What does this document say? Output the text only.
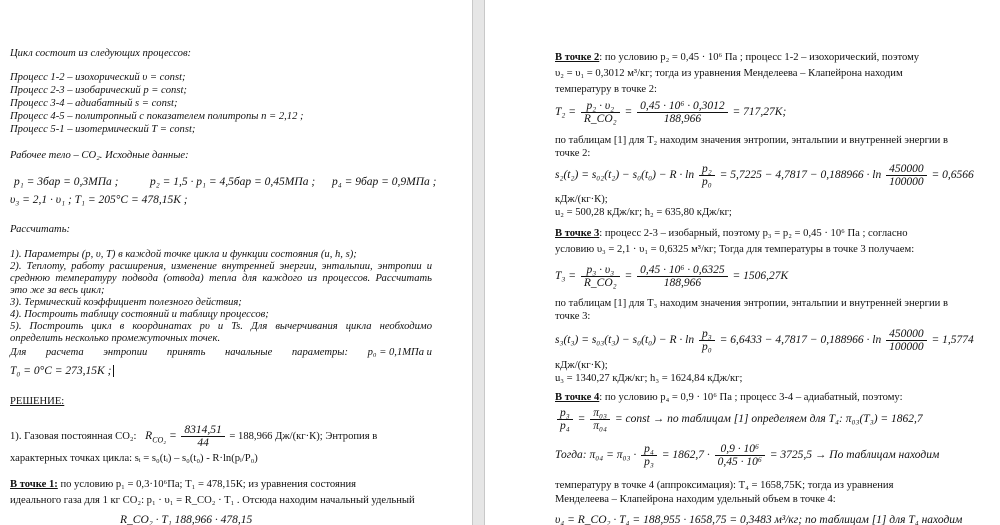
Цикл состоит из следующих процессов:
Процесс 1-2 – изохорический υ = const;
Процесс 2-3 – изобарический p = const;
Процесс 3-4 – адиабатный s = const;
Процесс 4-5 – политропный с показателем политропы n = 2,12 ;
Процесс 5-1 – изотермический T = const;
Рабочее тело – CO₂. Исходные данные:
p₁ = 3бар = 0,3МПа ;	p₂ = 1,5 · p₁ = 4,5бар = 0,45МПа ; p₄ = 9бар = 0,9МПа ;
υ₃ = 2,1 · υ₁ ; T₁ = 205°C = 478,15K ;
Рассчитать:
1). Параметры (p, υ, T) в каждой точке цикла и функции состояния (u, h, s);
2). Теплоту, работу расширения, изменение внутренней энергии, энтальпии, энтропии и
среднюю температуру подвода (отвода) тепла для каждого из процессов. Рассчитать
это же за весь цикл;
3). Термический коэффициент полезного действия;
4). Построить таблицу состояний и таблицу процессов;
5). Построить цикл в координатах pυ и Ts. Для вычерчивания цикла необходимо
определить несколько промежуточных точек.
Для расчета энтропии принять начальные параметры: p₀ = 0,1МПа и
T₀ = 0°C = 273,15K ;
РЕШЕНИЕ:
1). Газовая постоянная CO₂: $R_{CO_2} = \frac{8314,51}{44} = 188,966$ Дж/(кг·К); Энтропия в
характерных точках цикла: sᵢ = s₀(tᵢ) – s₀(t₀) - R·ln(pᵢ/P₀)
В точке 1: по условию p₁ = 0,3·10⁶Па; T₁ = 478,15К; из уравнения состояния
идеального газа для 1 кг CO₂: p₁ · υ₁ = R_CO₂ · T₁ . Отсюда находим начальный удельный
R_CO₂ · T₁ 188,966 · 478,15
В точке 2: по условию p₂ = 0,45 · 10⁶ Па ; процесс 1-2 – изохорический, поэтому
υ₂ = υ₁ = 0,3012 м³/кг; тогда из уравнения Менделеева – Клапейрона находим
температуру в точке 2:
$T_2 = \frac{\text{p₂ · υ₂}}{\text{R\_CO₂}} = \frac{\text{0,45 · 10⁶ · 0,3012}}{188,966} = 717,27K$;
по таблицам [1] для T₂ находим значения энтропии, энтальпии и внутренней энергии в
точке 2:
$s_2(t_2) = s_{02}(t_2) - s_0(t_0) - R \cdot \ln \frac{\text{p₂}}{\text{p₀}} = 5,7225 - 4,7817 - 0,188966 \cdot \ln \frac{450000}{100000} = 0,6566$
кДж/(кг·К);
u₂ = 500,28 кДж/кг; h₂ = 635,80 кДж/кг;
В точке 3: процесс 2-3 – изобарный, поэтому p₃ = p₂ = 0,45 · 10⁶ Па ; согласно
условию υ₃ = 2,1 · υ₁ = 0,6325 м³/кг; Тогда для температуры в точке 3 получаем:
$T_3 = \frac{\text{p₃ · υ₃}}{\text{R\_CO₂}} = \frac{\text{0,45 · 10⁶ · 0,6325}}{188,966} = 1506,27K$
по таблицам [1] для T₃ находим значения энтропии, энтальпии и внутренней энергии в
точке 3:
$s_3(t_3) = s_{03}(t_3) - s_0(t_0) - R \cdot \ln \frac{\text{p₃}}{\text{p₀}} = 6,6433 - 4,7817 - 0,188966 \cdot \ln \frac{450000}{100000} = 1,5774$
кДж/(кг·К);
u₃ = 1340,27 кДж/кг; h₃ = 1624,84 кДж/кг;
В точке 4: по условию p₄ = 0,9 · 10⁶ Па ; процесс 3-4 – адиабатный, поэтому:
$\frac{\text{p₃}}{\text{p₄}} = \frac{\text{π₀₃}}{\text{π₀₄}}$ = const → по таблицам [1] определяем для T₄: π₀₃(T₃) = 1862,7
Тогда: $\pi_{04} = \pi_{03} \cdot \frac{\text{p₄}}{\text{p₃}} = 1862,7 \cdot \frac{\text{0,9 · 10⁶}}{\text{0,45 · 10⁶}} = 3725,5$ → По таблицам находим
температуру в точке 4 (аппроксимация): T₄ = 1658,75K; тогда из уравнения
Менделеева – Клапейрона находим удельный объем в точке 4:
υ₄ = R_CO₂ · T₄ = 188,955 · 1658,75 = 0,3483 м³/кг; по таблицам [1] для T₄ находим
